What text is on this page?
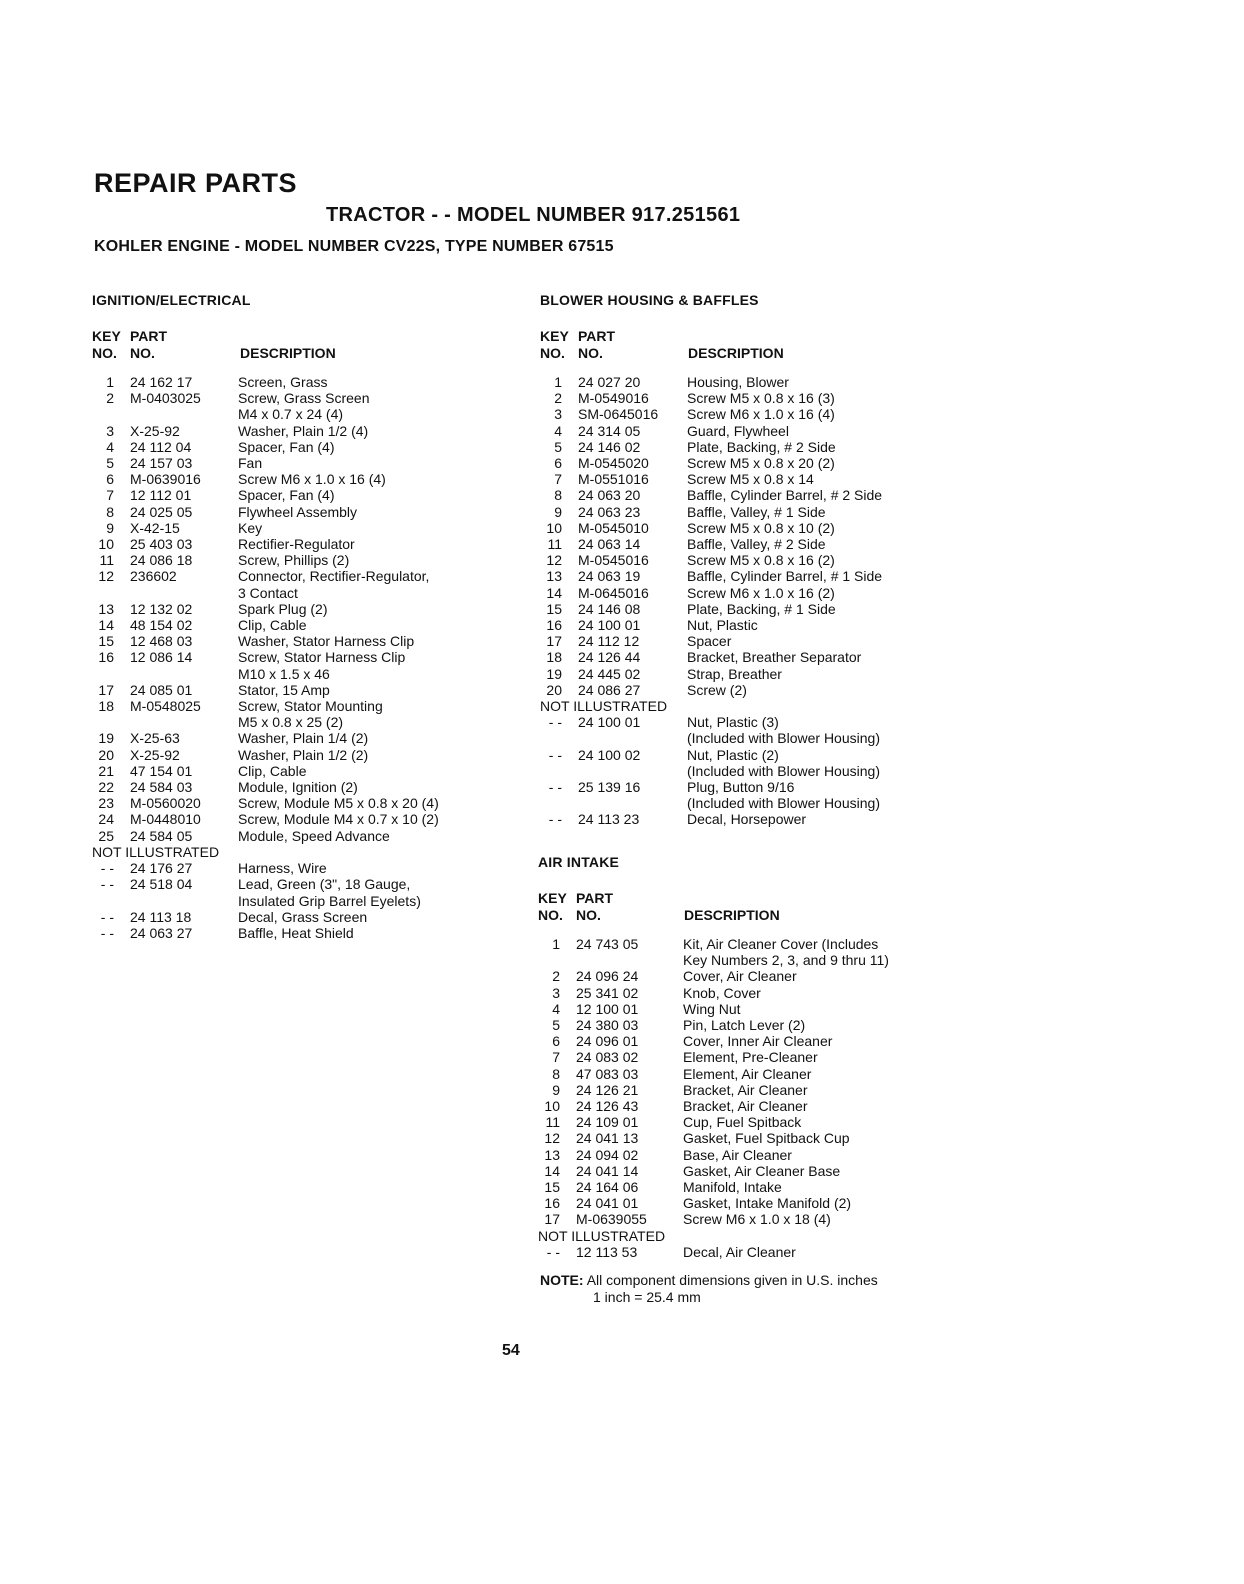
REPAIR PARTS
TRACTOR - - MODEL NUMBER 917.251561
KOHLER ENGINE - MODEL NUMBER CV22S, TYPE NUMBER 67515
IGNITION/ELECTRICAL
KEY
NO.
PART
NO.	DESCRIPTION
1 24 162 17	Screen, Grass
2 M-0403025	Screw, Grass Screen
M4 x 0.7 x 24 (4)
3 X-25-92	Washer, Plain 1/2 (4)
4 24 112 04	Spacer, Fan (4)
5 24 157 03	Fan
6 M-0639016	Screw M6 x 1.0 x 16 (4)
7 12 112 01	Spacer, Fan (4)
8 24 025 05	Flywheel Assembly
9 X-42-15	Key
10 25 403 03	Rectifier-Regulator
11 24 086 18	Screw, Phillips (2)
12 236602	Connector, Rectifier-Regulator,
3 Contact
13 12 132 02	Spark Plug (2)
14 48 154 02	Clip, Cable
15 12 468 03	Washer, Stator Harness Clip
16 12 086 14	Screw, Stator Harness Clip
M10 x 1.5 x 46
17 24 085 01	Stator, 15 Amp
18 M-0548025	Screw, Stator Mounting
M5 x 0.8 x 25 (2)
19 X-25-63	Washer, Plain 1/4 (2)
20 X-25-92	Washer, Plain 1/2 (2)
21 47 154 01	Clip, Cable
22 24 584 03	Module, Ignition (2)
23 M-0560020	Screw, Module M5 x 0.8 x 20 (4)
24 M-0448010	Screw, Module M4 x 0.7 x 10 (2)
25 24 584 05	Module, Speed Advance
NOT ILLUSTRATED
- - 24 176 27	Harness, Wire
- - 24 518 04	Lead, Green (3", 18 Gauge,
Insulated Grip Barrel Eyelets)
- - 24 113 18	Decal, Grass Screen
- - 24 063 27	Baffle, Heat Shield
BLOWER HOUSING & BAFFLES
KEY
NO.
PART
NO.	DESCRIPTION
1 24 027 20	Housing, Blower
2 M-0549016	Screw M5 x 0.8 x 16 (3)
3 SM-0645016 Screw M6 x 1.0 x 16 (4)
4 24 314 05	Guard, Flywheel
5 24 146 02	Plate, Backing, # 2 Side
6 M-0545020	Screw M5 x 0.8 x 20 (2)
7 M-0551016	Screw M5 x 0.8 x 14
8 24 063 20	Baffle, Cylinder Barrel, # 2 Side
9 24 063 23	Baffle, Valley, # 1 Side
10 M-0545010	Screw M5 x 0.8 x 10 (2)
11 24 063 14	Baffle, Valley, # 2 Side
12 M-0545016	Screw M5 x 0.8 x 16 (2)
13 24 063 19	Baffle, Cylinder Barrel, # 1 Side
14 M-0645016	Screw M6 x 1.0 x 16 (2)
15 24 146 08	Plate, Backing, # 1 Side
16 24 100 01	Nut, Plastic
17 24 112 12	Spacer
18 24 126 44	Bracket, Breather Separator
19 24 445 02	Strap, Breather
20 24 086 27	Screw (2)
NOT ILLUSTRATED
- - 24 100 01	Nut, Plastic (3)
(Included with Blower Housing)
- - 24 100 02	Nut, Plastic (2)
(Included with Blower Housing)
- - 25 139 16	Plug, Button 9/16
(Included with Blower Housing)
- - 24 113 23	Decal, Horsepower
AIR INTAKE
KEY
NO.
PART
NO.	DESCRIPTION
1 24 743 05	Kit, Air Cleaner Cover (Includes
Key Numbers 2, 3, and 9 thru 11)
2 24 096 24	Cover, Air Cleaner
3 25 341 02	Knob, Cover
4 12 100 01	Wing Nut
5 24 380 03	Pin, Latch Lever (2)
6 24 096 01	Cover, Inner Air Cleaner
7 24 083 02	Element, Pre-Cleaner
8 47 083 03	Element, Air Cleaner
9 24 126 21	Bracket, Air Cleaner
10 24 126 43	Bracket, Air Cleaner
11 24 109 01	Cup, Fuel Spitback
12 24 041 13	Gasket, Fuel Spitback Cup
13 24 094 02	Base, Air Cleaner
14 24 041 14	Gasket, Air Cleaner Base
15 24 164 06	Manifold, Intake
16 24 041 01	Gasket, Intake Manifold (2)
17 M-0639055	Screw M6 x 1.0 x 18 (4)
NOT ILLUSTRATED
- - 12 113 53	Decal, Air Cleaner
NOTE: All component dimensions given in U.S. inches
1 inch = 25.4 mm
54
